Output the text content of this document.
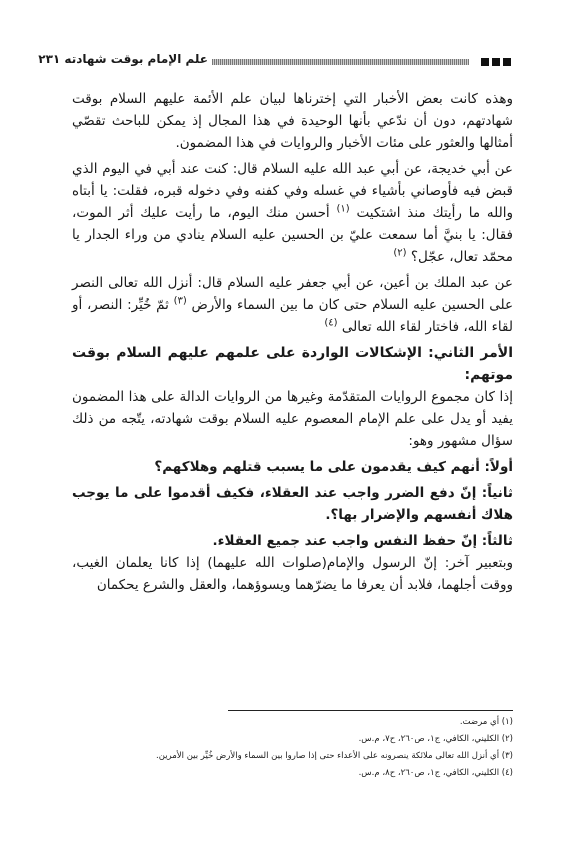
علم الإمام بوقت شهادته ٢٣١

وهذه كانت بعض الأخبار التي إخترناها لبيان علم الأئمة عليهم السلام بوقت شهادتهم، دون أن ندّعي بأنها الوحيدة في هذا المجال إذ يمكن للباحث تقصّي أمثالها والعثور على مئات الأخبار والروايات في هذا المضمون.

عن أبي خديجة، عن أبي عبد الله عليه السلام قال: كنت عند أبي في اليوم الذي قبض فيه فأوصاني بأشياء في غسله وفي كفنه وفي دخوله قبره، فقلت: يا أبتاه والله ما رأيتك منذ اشتكيت $^{(١)}$ أحسن منك اليوم، ما رأيت عليك أثر الموت، فقال: يا بنيَّ أما سمعت عليّ بن الحسين عليه السلام ينادي من وراء الجدار يا محمّد تعال، عجّل؟ $^{(٢)}$

عن عبد الملك بن أعين، عن أبي جعفر عليه السلام قال: أنزل الله تعالى النصر على الحسين عليه السلام حتى كان ما بين السماء والأرض $^{(٣)}$ ثمّ خُيِّر: النصر، أو لقاء الله، فاختار لقاء الله تعالى $^{(٤)}$

الأمر الثاني: الإشكالات الواردة على علمهم عليهم السلام بوقت موتهم:

إذا كان مجموع الروايات المتقدّمة وغيرها من الروايات الدالة على هذا المضمون يفيد أو يدل على علم الإمام المعصوم عليه السلام بوقت شهادته، يتّجه من ذلك سؤال مشهور وهو:

أولاً: أنهم كيف يقدمون على ما يسبب قتلهم وهلاكهم؟

ثانياً: إنّ دفع الضرر واجب عند العقلاء، فكيف أقدموا على ما يوجب هلاك أنفسهم والإضرار بها؟.

ثالثاً: إنّ حفظ النفس واجب عند جميع العقلاء.

وبتعبير آخر: إنّ الرسول والإمام(صلوات الله عليهما) إذا كانا يعلمان الغيب، ووقت أجلهما، فلابد أن يعرفا ما يضرّهما ويسوؤهما، والعقل والشرع يحكمان

(١) أي مرضت.

(٢) الكليني، الكافي، ج١، ص٢٦٠، ح٧، م.س.

(٣) أي أنزل الله تعالى ملائكة ينصرونه على الأعداء حتى إذا صاروا بين السماء والأرض خُيِّر بين الأمرين.

(٤) الكليني، الكافي، ج١، ص٢٦٠، ح٨، م.س.
